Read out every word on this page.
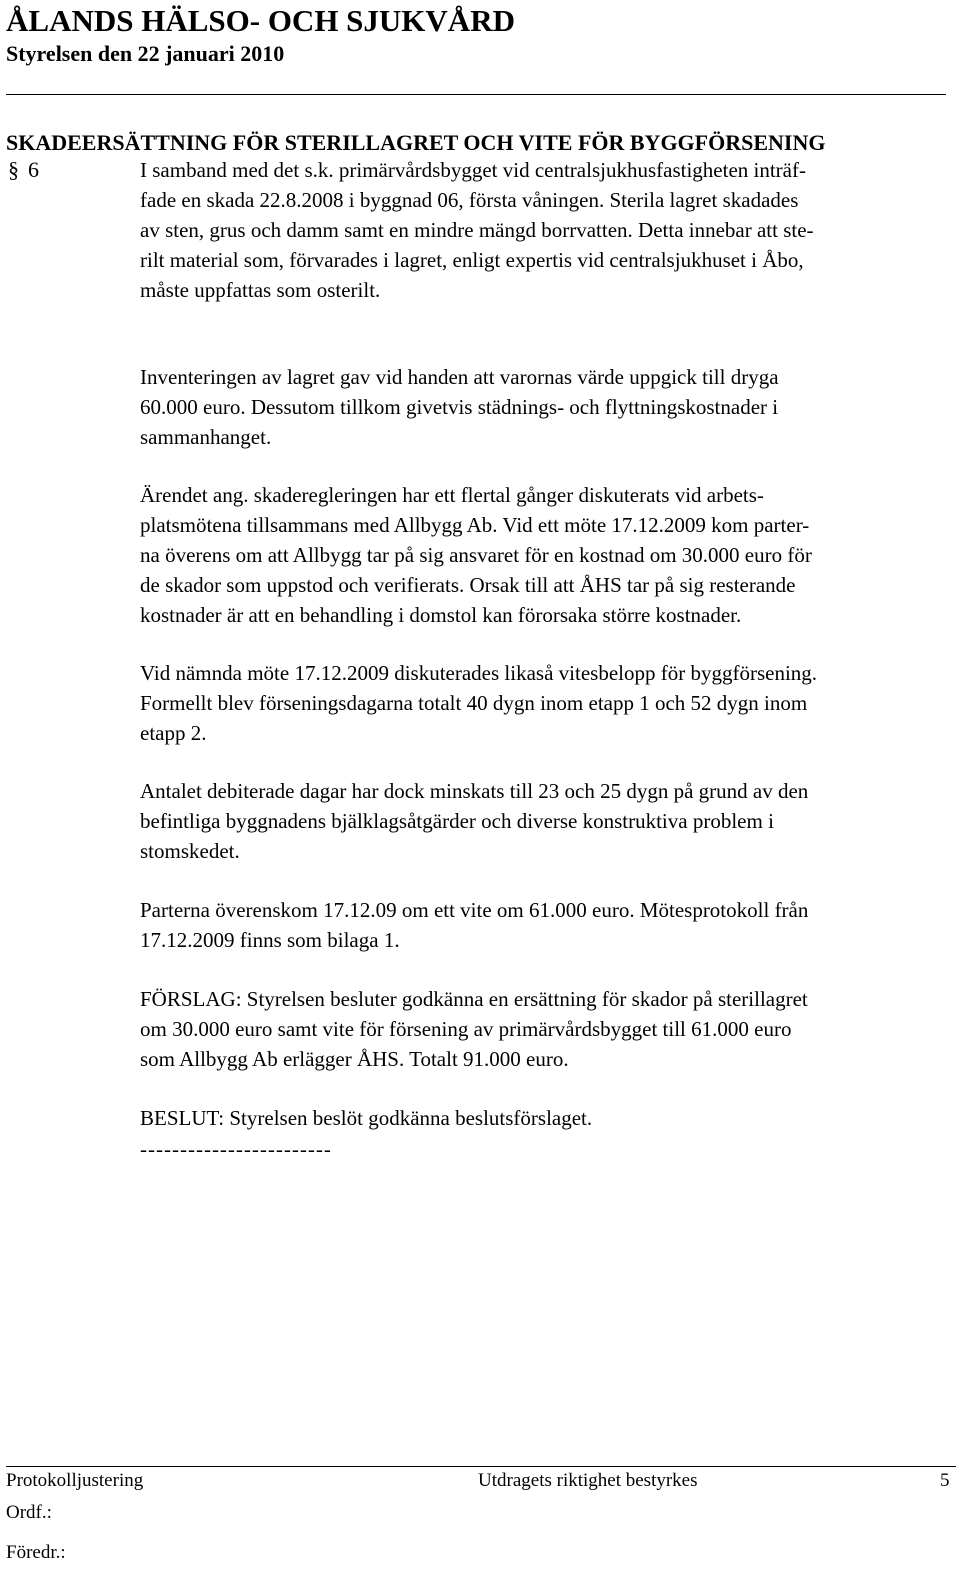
ÅLANDS HÄLSO- OCH SJUKVÅRD
Styrelsen den 22 januari 2010
SKADEERSÄTTNING FÖR STERILLAGRET OCH VITE FÖR BYGGFÖRSENING
§ 6	I samband med det s.k. primärvårdsbygget vid centralsjukhusfastigheten inträf-
fade en skada 22.8.2008 i byggnad 06, första våningen. Sterila lagret skadades
av sten, grus och damm samt en mindre mängd borrvatten. Detta innebar att ste-
rilt material som, förvarades i lagret, enligt expertis vid centralsjukhuset i Åbo,
måste uppfattas som osterilt.
Inventeringen av lagret gav vid handen att varornas värde uppgick till dryga
60.000 euro. Dessutom tillkom givetvis städnings- och flyttningskostnader i
sammanhanget.
Ärendet ang. skaderegleringen har ett flertal gånger diskuterats vid arbets-
platsmötena tillsammans med Allbygg Ab. Vid ett möte 17.12.2009 kom parter-
na överens om att Allbygg tar på sig ansvaret för en kostnad om 30.000 euro för
de skador som uppstod och verifierats. Orsak till att ÅHS tar på sig resterande
kostnader är att en behandling i domstol kan förorsaka större kostnader.
Vid nämnda möte 17.12.2009 diskuterades likaså vitesbelopp för byggförsening.
Formellt blev förseningsdagarna totalt 40 dygn inom etapp 1 och 52 dygn inom
etapp 2.
Antalet debiterade dagar har dock minskats till 23 och 25 dygn på grund av den
befintliga byggnadens bjälklagsåtgärder och diverse konstruktiva problem i
stomskedet.
Parterna överenskom 17.12.09 om ett vite om 61.000 euro. Mötesprotokoll från
17.12.2009 finns som bilaga 1.
FÖRSLAG: Styrelsen besluter godkänna en ersättning för skador på sterillagret
om 30.000 euro samt vite för försening av primärvårdsbygget till 61.000 euro
som Allbygg Ab erlägger ÅHS. Totalt 91.000 euro.
BESLUT: Styrelsen beslöt godkänna beslutsförslaget.
------------------------
Protokolljustering	Utdragets riktighet bestyrkes	5
Ordf.:
Föredr.:
